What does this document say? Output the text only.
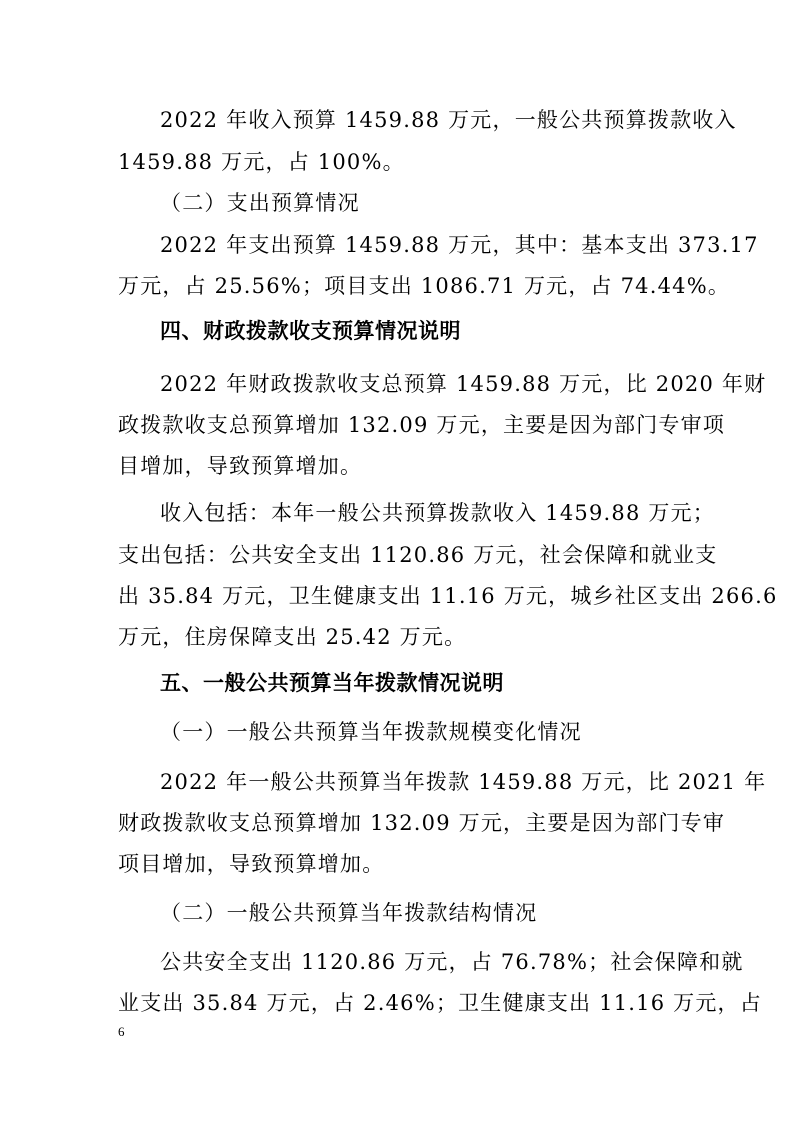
2022 年收入预算 1459.88 万元，一般公共预算拨款收入
1459.88 万元，占 100%。
（二）支出预算情况
2022 年支出预算 1459.88 万元，其中：基本支出 373.17
万元，占 25.56%；项目支出 1086.71 万元，占 74.44%。
四、财政拨款收支预算情况说明
2022 年财政拨款收支总预算 1459.88 万元，比 2020 年财
政拨款收支总预算增加 132.09 万元，主要是因为部门专审项
目增加，导致预算增加。
收入包括：本年一般公共预算拨款收入 1459.88 万元；
支出包括：公共安全支出 1120.86 万元，社会保障和就业支
出 35.84 万元，卫生健康支出 11.16 万元，城乡社区支出 266.6
万元，住房保障支出 25.42 万元。
五、一般公共预算当年拨款情况说明
（一）一般公共预算当年拨款规模变化情况
2022 年一般公共预算当年拨款 1459.88 万元，比 2021 年
财政拨款收支总预算增加 132.09 万元，主要是因为部门专审
项目增加，导致预算增加。
（二）一般公共预算当年拨款结构情况
公共安全支出 1120.86 万元，占 76.78%；社会保障和就
业支出 35.84 万元，占 2.46%；卫生健康支出 11.16 万元，占
6
